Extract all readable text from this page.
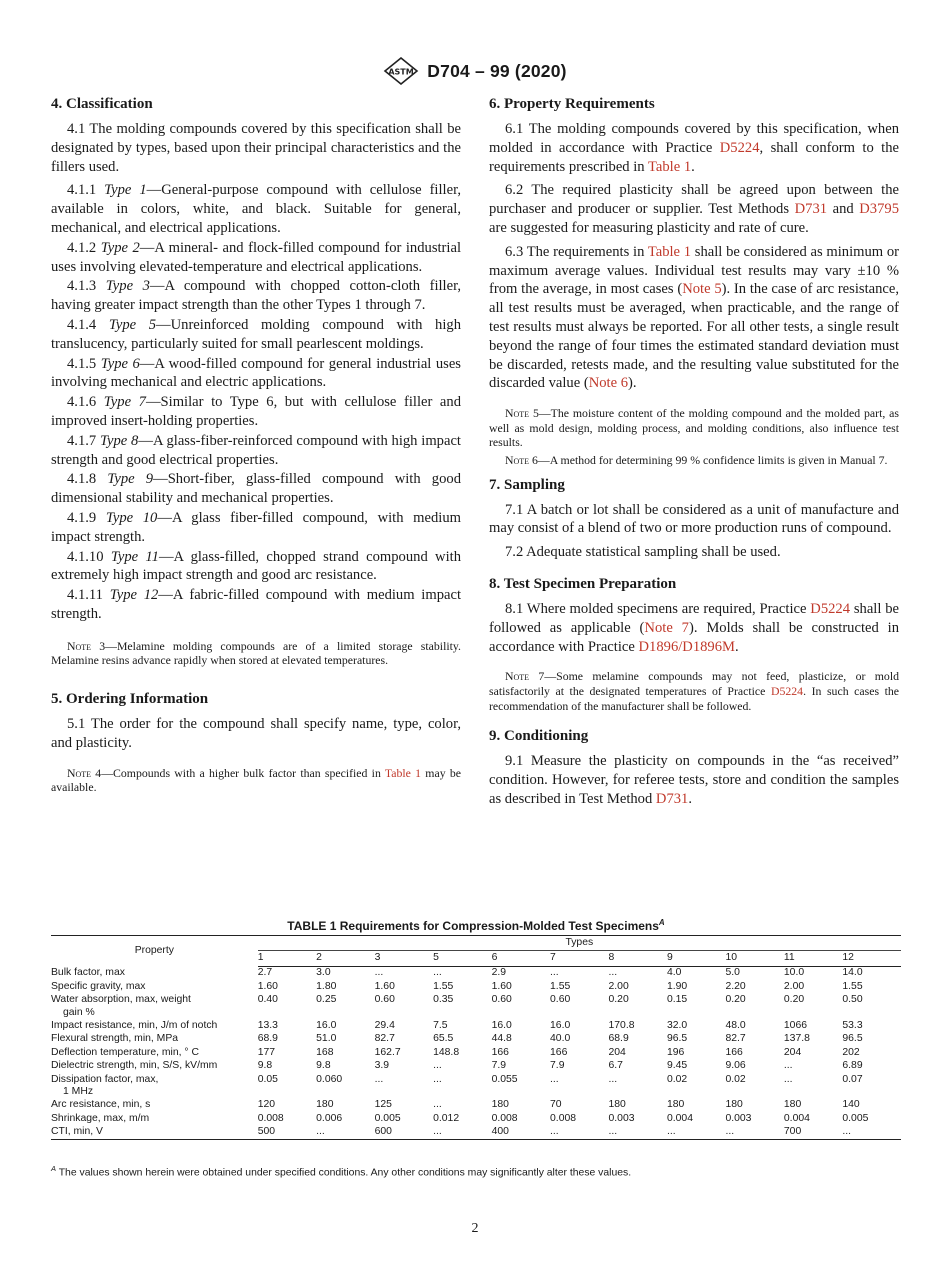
ASTM D704 – 99 (2020)
4. Classification

4.1 The molding compounds covered by this specification shall be designated by types, based upon their principal characteristics and the fillers used.

4.1.1 Type 1—General-purpose compound with cellulose filler, available in colors, white, and black. Suitable for general, mechanical, and electrical applications.

4.1.2 Type 2—A mineral- and flock-filled compound for industrial uses involving elevated-temperature and electrical applications.

4.1.3 Type 3—A compound with chopped cotton-cloth filler, having greater impact strength than the other Types 1 through 7.

4.1.4 Type 5—Unreinforced molding compound with high translucency, particularly suited for small pearlescent moldings.

4.1.5 Type 6—A wood-filled compound for general industrial uses involving mechanical and electric applications.

4.1.6 Type 7—Similar to Type 6, but with cellulose filler and improved insert-holding properties.

4.1.7 Type 8—A glass-fiber-reinforced compound with high impact strength and good electrical properties.

4.1.8 Type 9—Short-fiber, glass-filled compound with good dimensional stability and mechanical properties.

4.1.9 Type 10—A glass fiber-filled compound, with medium impact strength.

4.1.10 Type 11—A glass-filled, chopped strand compound with extremely high impact strength and good arc resistance.

4.1.11 Type 12—A fabric-filled compound with medium impact strength.

Note 3—Melamine molding compounds are of a limited storage stability. Melamine resins advance rapidly when stored at elevated temperatures.

5. Ordering Information

5.1 The order for the compound shall specify name, type, color, and plasticity.

Note 4—Compounds with a higher bulk factor than specified in Table 1 may be available.

6. Property Requirements

6.1 The molding compounds covered by this specification, when molded in accordance with Practice D5224, shall conform to the requirements prescribed in Table 1.

6.2 The required plasticity shall be agreed upon between the purchaser and producer or supplier. Test Methods D731 and D3795 are suggested for measuring plasticity and rate of cure.

6.3 The requirements in Table 1 shall be considered as minimum or maximum average values. Individual test results may vary ±10 % from the average, in most cases (Note 5). In the case of arc resistance, all test results must be averaged, when practicable, and the range of test results must always be reported. For all other tests, a single result beyond the range of four times the estimated standard deviation must be discarded, retests made, and the resulting value substituted for the discarded value (Note 6).

Note 5—The moisture content of the molding compound and the molded part, as well as mold design, molding process, and molding conditions, also influence test results.

Note 6—A method for determining 99 % confidence limits is given in Manual 7.

7. Sampling

7.1 A batch or lot shall be considered as a unit of manufacture and may consist of a blend of two or more production runs of compound.

7.2 Adequate statistical sampling shall be used.

8. Test Specimen Preparation

8.1 Where molded specimens are required, Practice D5224 shall be followed as applicable (Note 7). Molds shall be constructed in accordance with Practice D1896/D1896M.

Note 7—Some melamine compounds may not feed, plasticize, or mold satisfactorily at the designated temperatures of Practice D5224. In such cases the recommendation of the manufacturer shall be followed.

9. Conditioning

9.1 Measure the plasticity on compounds in the “as received” condition. However, for referee tests, store and condition the samples as described in Test Method D731.

TABLE 1 Requirements for Compression-Molded Test Specimens$^A$
Property	Types										
	1	2	3	5	6	7	8	9	10	11	12
Bulk factor, max	2.7	3.0	...	...	2.9	...	...	4.0	5.0	10.0	14.0
Specific gravity, max	1.60	1.80	1.60	1.55	1.60	1.55	2.00	1.90	2.20	2.00	1.55
Water absorption, max, weight
gain %	0.40	0.25	0.60	0.35	0.60	0.60	0.20	0.15	0.20	0.20	0.50
Impact resistance, min, J/m of notch	13.3	16.0	29.4	7.5	16.0	16.0	170.8	32.0	48.0	1066	53.3
Flexural strength, min, MPa	68.9	51.0	82.7	65.5	44.8	40.0	68.9	96.5	82.7	137.8	96.5
Deflection temperature, min, ° C	177	168	162.7	148.8	166	166	204	196	166	204	202
Dielectric strength, min, S/S, kV/mm	9.8	9.8	3.9	...	7.9	7.9	6.7	9.45	9.06	...	6.89
Dissipation factor, max,
1 MHz	0.05	0.060	...	...	0.055	...	...	0.02	0.02	...	0.07
Arc resistance, min, s	120	180	125	...	180	70	180	180	180	180	140
Shrinkage, max, m/m	0.008	0.006	0.005	0.012	0.008	0.008	0.003	0.004	0.003	0.004	0.005
CTI, min, V	500	...	600	...	400	...	...	...	...	700	...
$^A$ The values shown herein were obtained under specified conditions. Any other conditions may significantly alter these values.
2
